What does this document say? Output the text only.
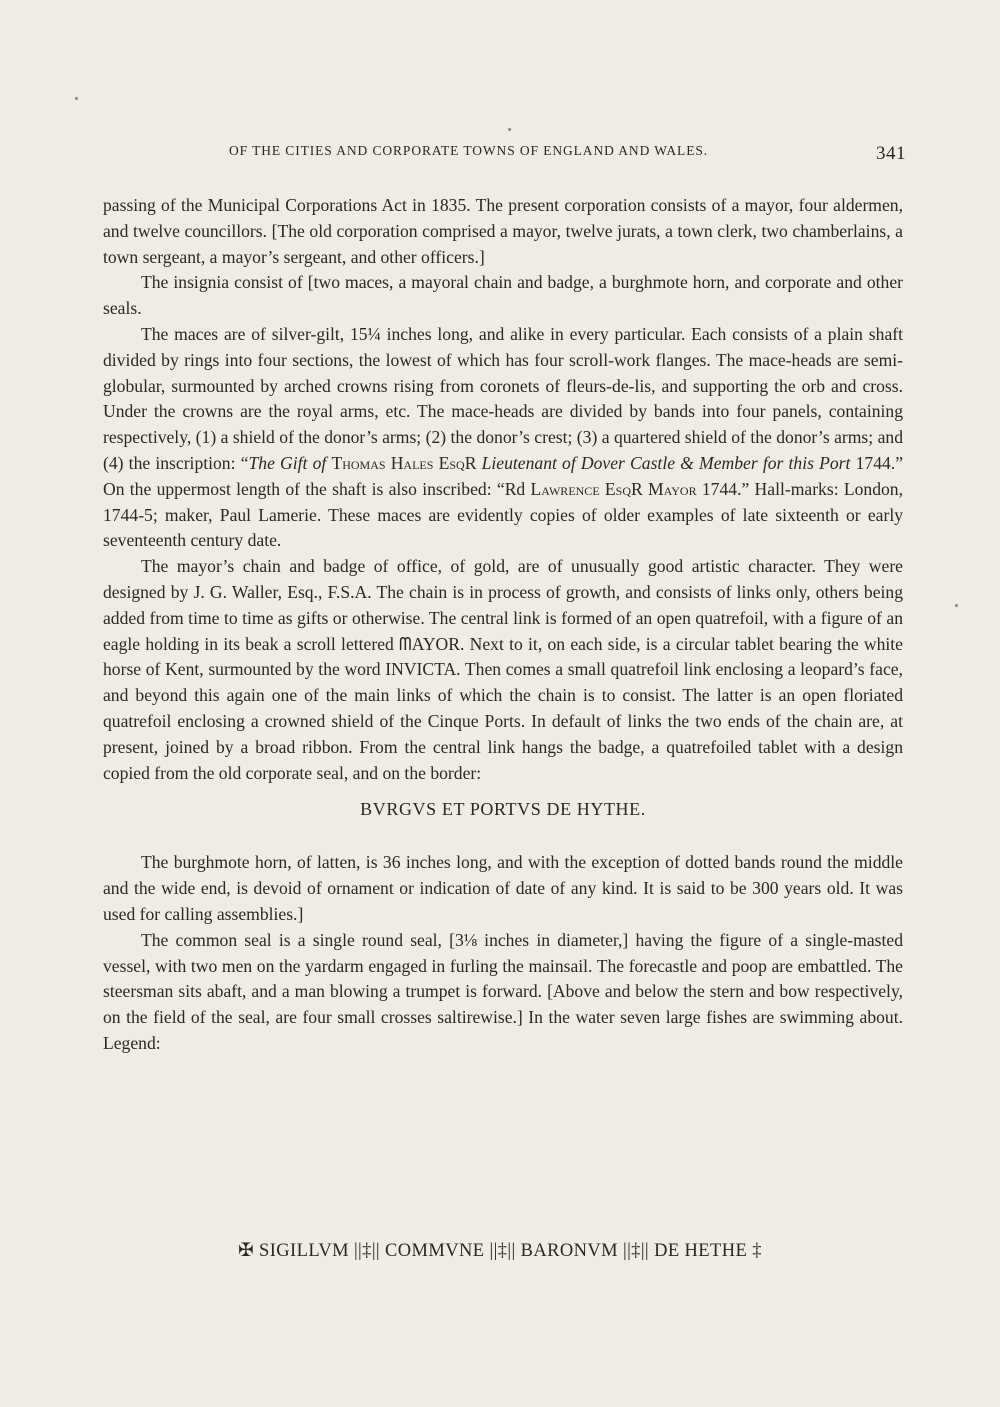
OF THE CITIES AND CORPORATE TOWNS OF ENGLAND AND WALES.	341

passing of the Municipal Corporations Act in 1835. The present corporation consists of a mayor, four aldermen, and twelve councillors. [The old corporation comprised a mayor, twelve jurats, a town clerk, two chamberlains, a town sergeant, a mayor’s sergeant, and other officers.]

The insignia consist of [two maces, a mayoral chain and badge, a burghmote horn, and corporate and other seals.

The maces are of silver-gilt, 15¼ inches long, and alike in every particular. Each consists of a plain shaft divided by rings into four sections, the lowest of which has four scroll-work flanges. The mace-heads are semi-globular, surmounted by arched crowns rising from coronets of fleurs-de-lis, and supporting the orb and cross. Under the crowns are the royal arms, etc. The mace-heads are divided by bands into four panels, containing respectively, (1) a shield of the donor’s arms; (2) the donor’s crest; (3) a quartered shield of the donor’s arms; and (4) the inscription: “The Gift of Thomas Hales EsqR Lieutenant of Dover Castle & Member for this Port 1744.” On the uppermost length of the shaft is also inscribed: “Rd Lawrence EsqR Mayor 1744.” Hall-marks: London, 1744-5; maker, Paul Lamerie. These maces are evidently copies of older examples of late sixteenth or early seventeenth century date.

The mayor’s chain and badge of office, of gold, are of unusually good artistic character. They were designed by J. G. Waller, Esq., F.S.A. The chain is in process of growth, and consists of links only, others being added from time to time as gifts or otherwise. The central link is formed of an open quatrefoil, with a figure of an eagle holding in its beak a scroll lettered ᗰAYOR. Next to it, on each side, is a circular tablet bearing the white horse of Kent, surmounted by the word INVICTA. Then comes a small quatrefoil link enclosing a leopard’s face, and beyond this again one of the main links of which the chain is to consist. The latter is an open floriated quatrefoil enclosing a crowned shield of the Cinque Ports. In default of links the two ends of the chain are, at present, joined by a broad ribbon. From the central link hangs the badge, a quatrefoiled tablet with a design copied from the old corporate seal, and on the border:

BVRGVS ET PORTVS DE HYTHE.

The burghmote horn, of latten, is 36 inches long, and with the exception of dotted bands round the middle and the wide end, is devoid of ornament or indication of date of any kind. It is said to be 300 years old. It was used for calling assemblies.]

The common seal is a single round seal, [3⅛ inches in diameter,] having the figure of a single-masted vessel, with two men on the yardarm engaged in furling the mainsail. The forecastle and poop are embattled. The steersman sits abaft, and a man blowing a trumpet is forward. [Above and below the stern and bow respectively, on the field of the seal, are four small crosses saltirewise.] In the water seven large fishes are swimming about. Legend:

✠ SIGILLVM ||‡|| COMMVNE ||‡|| BARONVM ||‡|| DE HETHE ‡
